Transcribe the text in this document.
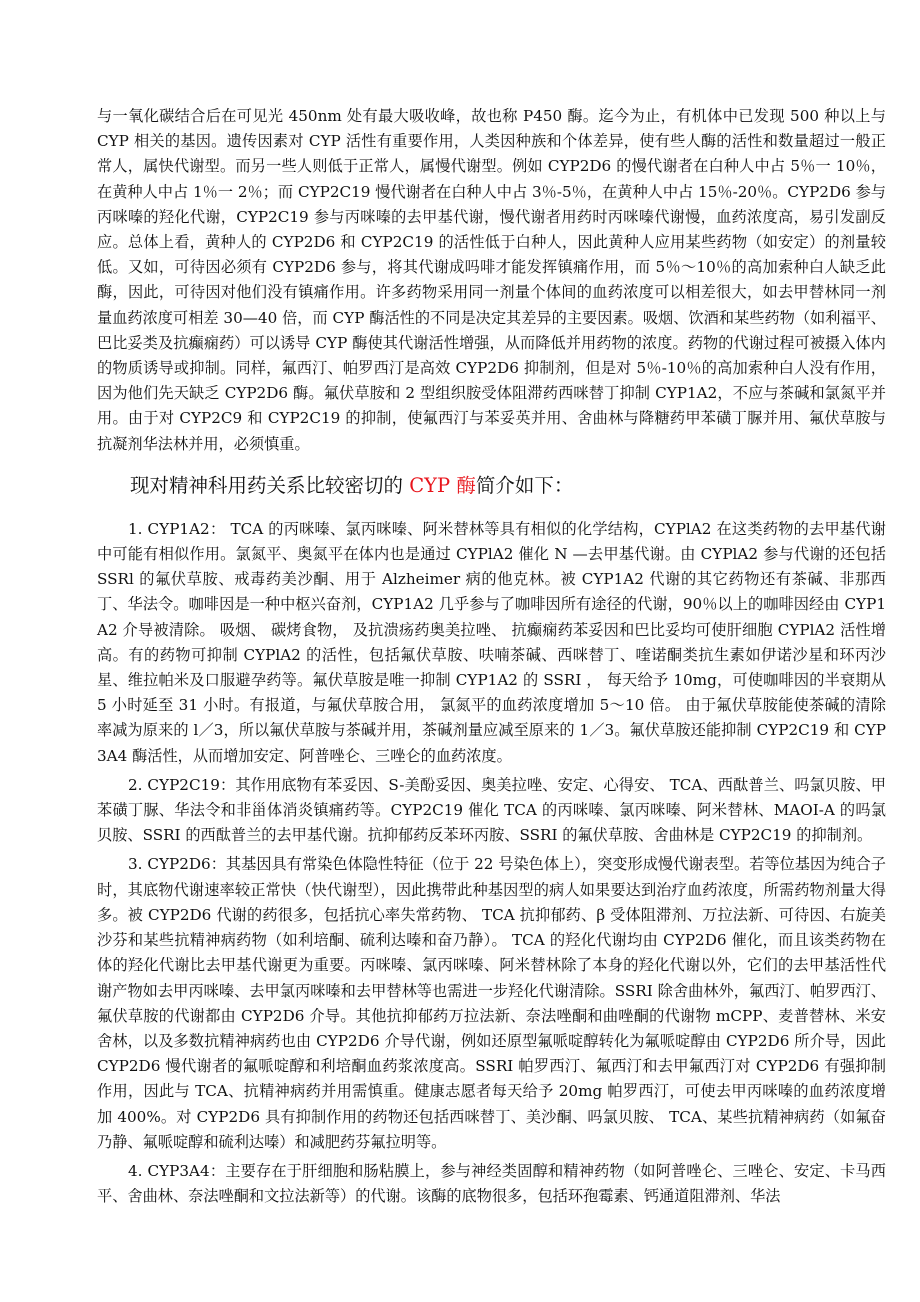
与一氧化碳结合后在可见光 450nm 处有最大吸收峰，故也称 P450 酶。迄今为止，有机体中已发现 500 种以上与 CYP 相关的基因。遗传因素对 CYP 活性有重要作用，人类因种族和个体差异，使有些人酶的活性和数量超过一般正常人，属快代谢型。而另一些人则低于正常人，属慢代谢型。例如 CYP2D6 的慢代谢者在白种人中占 5％一 10％， 在黄种人中占 1％一 2％；而 CYP2C19 慢代谢者在白种人中占 3％-5％，在黄种人中占 15％-20％。CYP2D6 参与丙咪嗪的羟化代谢，CYP2C19 参与丙咪嗪的去甲基代谢，慢代谢者用药时丙咪嗪代谢慢，血药浓度高，易引发副反应。总体上看，黄种人的 CYP2D6 和 CYP2C19 的活性低于白种人，因此黄种人应用某些药物（如安定）的剂量较低。又如，可待因必须有 CYP2D6 参与，将其代谢成吗啡才能发挥镇痛作用，而 5％～10％的高加索种白人缺乏此酶，因此，可待因对他们没有镇痛作用。许多药物采用同一剂量个体间的血药浓度可以相差很大，如去甲替林同一剂量血药浓度可相差 30—40 倍，而 CYP 酶活性的不同是决定其差异的主要因素。吸烟、饮酒和某些药物（如利福平、巴比妥类及抗癫痫药）可以诱导 CYP 酶使其代谢活性增强，从而降低并用药物的浓度。药物的代谢过程可被摄入体内的物质诱导或抑制。同样，氟西汀、帕罗西汀是高效 CYP2D6 抑制剂，但是对 5％-10％的高加索种白人没有作用，因为他们先天缺乏 CYP2D6 酶。氟伏草胺和 2 型组织胺受体阻滞药西咪替丁抑制 CYP1A2，不应与茶碱和氯氮平并用。由于对 CYP2C9 和 CYP2C19 的抑制，使氟西汀与苯妥英并用、舍曲林与降糖药甲苯磺丁脲并用、氟伏草胺与抗凝剂华法林并用，必须慎重。

现对精神科用药关系比较密切的 CYP 酶简介如下：

1. CYP1A2： TCA 的丙咪嗪、氯丙咪嗪、阿米替林等具有相似的化学结构，CYPlA2 在这类药物的去甲基代谢中可能有相似作用。氯氮平、奥氮平在体内也是通过 CYPlA2 催化 N —去甲基代谢。由 CYPlA2 参与代谢的还包括 SSRl 的氟伏草胺、戒毒药美沙酮、用于 Alzheimer 病的他克林。被 CYP1A2 代谢的其它药物还有茶碱、非那西丁、华法令。咖啡因是一种中枢兴奋剂，CYP1A2 几乎参与了咖啡因所有途径的代谢，90％以上的咖啡因经由 CYP1A2 介导被清除。 吸烟、 碳烤食物， 及抗溃疡药奥美拉唑、 抗癫痫药苯妥因和巴比妥均可使肝细胞 CYPlA2 活性增高。有的药物可抑制 CYPlA2 的活性，包括氟伏草胺、呋喃茶碱、西咪替丁、喹诺酮类抗生素如伊诺沙星和环丙沙星、维拉帕米及口服避孕药等。氟伏草胺是唯一抑制 CYP1A2 的 SSRI ， 每天给予 10mg，可使咖啡因的半衰期从 5 小时延至 31 小时。有报道，与氟伏草胺合用， 氯氮平的血药浓度增加 5～10 倍。 由于氟伏草胺能使茶碱的清除率减为原来的 l／3，所以氟伏草胺与茶碱并用，茶碱剂量应减至原来的 1／3。氟伏草胺还能抑制 CYP2C19 和 CYP3A4 酶活性，从而增加安定、阿普唑仑、三唑仑的血药浓度。

2. CYP2C19：其作用底物有苯妥因、S-美酚妥因、奥美拉唑、安定、心得安、 TCA、西酞普兰、吗氯贝胺、甲苯磺丁脲、华法令和非甾体消炎镇痛药等。CYP2C19 催化 TCA 的丙咪嗪、氯丙咪嗪、阿米替林、MAOI-A 的吗氯贝胺、SSRI 的西酞普兰的去甲基代谢。抗抑郁药反苯环丙胺、SSRI 的氟伏草胺、舍曲林是 CYP2C19 的抑制剂。

3. CYP2D6：其基因具有常染色体隐性特征（位于 22 号染色体上），突变形成慢代谢表型。若等位基因为纯合子时，其底物代谢速率较正常快（快代谢型），因此携带此种基因型的病人如果要达到治疗血药浓度，所需药物剂量大得多。被 CYP2D6 代谢的药很多，包括抗心率失常药物、 TCA 抗抑郁药、β 受体阻滞剂、万拉法新、可待因、右旋美沙芬和某些抗精神病药物（如利培酮、硫利达嗪和奋乃静）。 TCA 的羟化代谢均由 CYP2D6 催化，而且该类药物在体的羟化代谢比去甲基代谢更为重要。丙咪嗪、氯丙咪嗪、阿米替林除了本身的羟化代谢以外，它们的去甲基活性代谢产物如去甲丙咪嗪、去甲氯丙咪嗪和去甲替林等也需进一步羟化代谢清除。SSRI 除舍曲林外，氟西汀、帕罗西汀、氟伏草胺的代谢都由 CYP2D6 介导。其他抗抑郁药万拉法新、奈法唑酮和曲唑酮的代谢物 mCPP、麦普替林、米安舍林，以及多数抗精神病药也由 CYP2D6 介导代谢，例如还原型氟哌啶醇转化为氟哌啶醇由 CYP2D6 所介导，因此 CYP2D6 慢代谢者的氟哌啶醇和利培酮血药浆浓度高。SSRI 帕罗西汀、氟西汀和去甲氟西汀对 CYP2D6 有强抑制作用，因此与 TCA、抗精神病药并用需慎重。健康志愿者每天给予 20mg 帕罗西汀，可使去甲丙咪嗪的血药浓度增加 400%。对 CYP2D6 具有抑制作用的药物还包括西咪替丁、美沙酮、吗氯贝胺、 TCA、某些抗精神病药（如氟奋乃静、氟哌啶醇和硫利达嗪）和减肥药芬氟拉明等。

4. CYP3A4：主要存在于肝细胞和肠粘膜上，参与神经类固醇和精神药物（如阿普唑仑、三唑仑、安定、卡马西平、舍曲林、奈法唑酮和文拉法新等）的代谢。该酶的底物很多，包括环孢霉素、钙通道阻滞剂、华法
